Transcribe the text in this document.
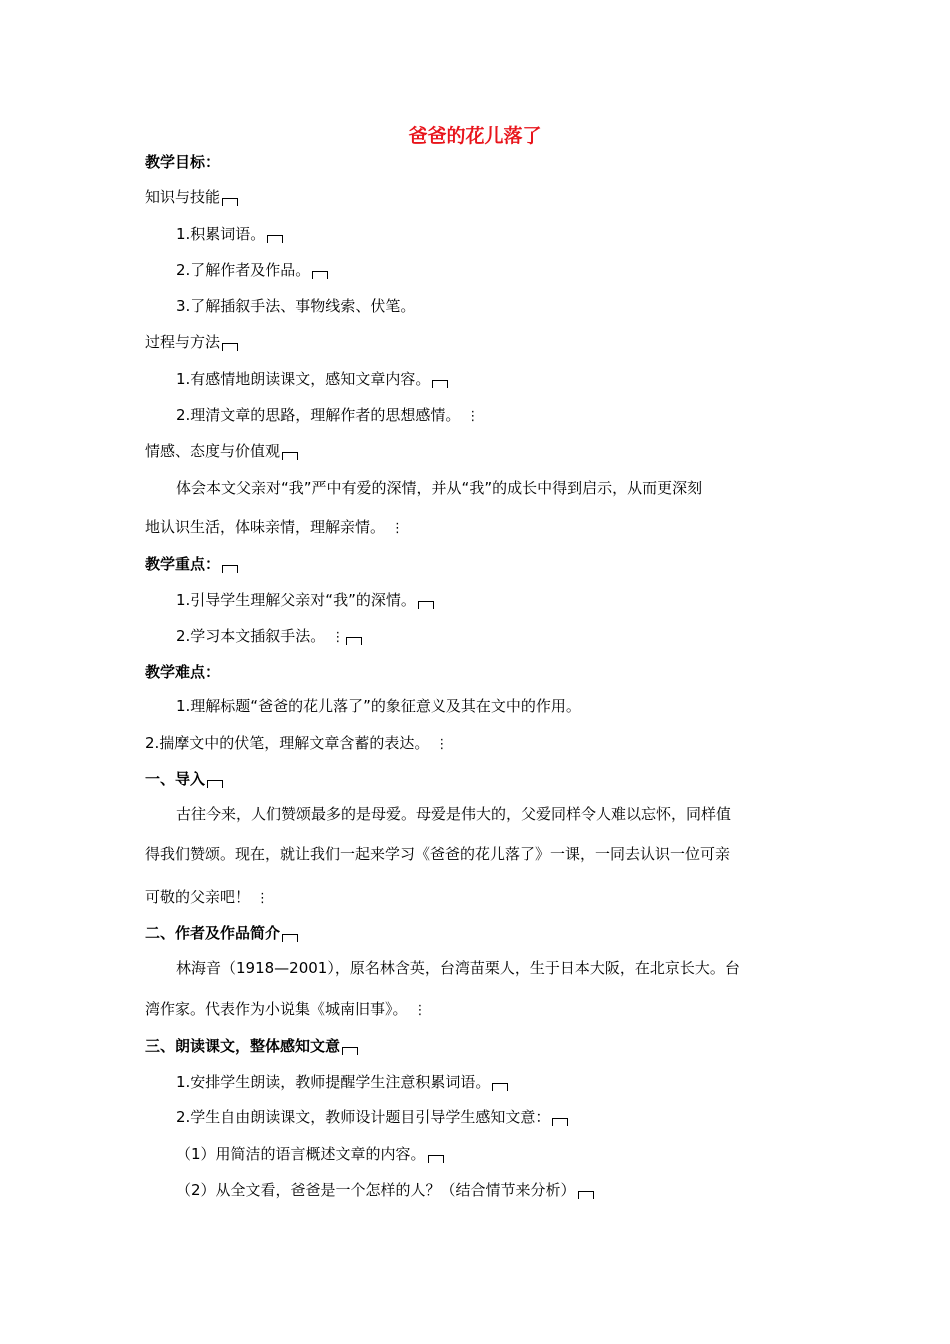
爸爸的花儿落了
教学目标：
知识与技能
1.积累词语。
2.了解作者及作品。
3.了解插叙手法、事物线索、伏笔。
过程与方法
1.有感情地朗读课文，感知文章内容。
2.理清文章的思路，理解作者的思想感情。 ⋮
情感、态度与价值观
体会本文父亲对“我”严中有爱的深情，并从“我”的成长中得到启示，从而更深刻
地认识生活，体味亲情，理解亲情。 ⋮
教学重点：
1.引导学生理解父亲对“我”的深情。
2.学习本文插叙手法。 ⋮
教学难点：
1.理解标题“爸爸的花儿落了”的象征意义及其在文中的作用。
2.揣摩文中的伏笔，理解文章含蓄的表达。 ⋮
一、导入
古往今来，人们赞颂最多的是母爱。母爱是伟大的，父爱同样令人难以忘怀，同样值
得我们赞颂。现在，就让我们一起来学习《爸爸的花儿落了》一课，一同去认识一位可亲
可敬的父亲吧！ ⋮
二、作者及作品简介
林海音（1918—2001），原名林含英，台湾苗栗人，生于日本大阪，在北京长大。台
湾作家。代表作为小说集《城南旧事》。 ⋮
三、朗读课文，整体感知文意
1.安排学生朗读，教师提醒学生注意积累词语。
2.学生自由朗读课文，教师设计题目引导学生感知文意：
（1）用简洁的语言概述文章的内容。
（2）从全文看，爸爸是一个怎样的人？（结合情节来分析）
